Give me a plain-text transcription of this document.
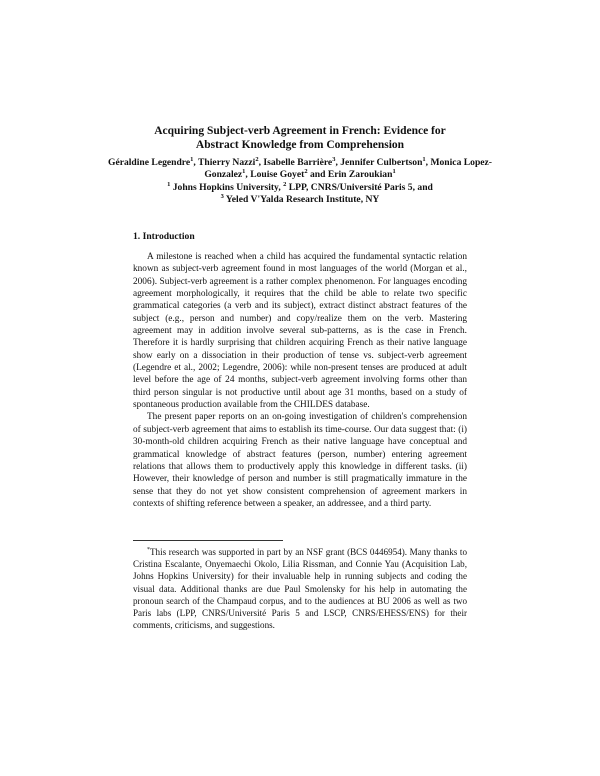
Acquiring Subject-verb Agreement in French: Evidence for
Abstract Knowledge from Comprehension
Géraldine Legendre$^1$, Thierry Nazzi$^2$, Isabelle Barrière$^3$, Jennifer Culbertson$^1$, Monica Lopez-Gonzalez$^1$, Louise Goyet$^2$ and Erin Zaroukian$^1$
$^1$ Johns Hopkins University, $^2$ LPP, CNRS/Université Paris 5, and
$^3$ Yeled V'Yalda Research Institute, NY
1. Introduction

A milestone is reached when a child has acquired the fundamental syntactic relation known as subject-verb agreement found in most languages of the world (Morgan et al., 2006). Subject-verb agreement is a rather complex phenomenon. For languages encoding agreement morphologically, it requires that the child be able to relate two specific grammatical categories (a verb and its subject), extract distinct abstract features of the subject (e.g., person and number) and copy/realize them on the verb. Mastering agreement may in addition involve several sub-patterns, as is the case in French. Therefore it is hardly surprising that children acquiring French as their native language show early on a dissociation in their production of tense vs. subject-verb agreement (Legendre et al., 2002; Legendre, 2006): while non-present tenses are produced at adult level before the age of 24 months, subject-verb agreement involving forms other than third person singular is not productive until about age 31 months, based on a study of spontaneous production available from the CHILDES database.

The present paper reports on an on-going investigation of children's comprehension of subject-verb agreement that aims to establish its time-course. Our data suggest that: (i) 30-month-old children acquiring French as their native language have conceptual and grammatical knowledge of abstract features (person, number) entering agreement relations that allows them to productively apply this knowledge in different tasks. (ii) However, their knowledge of person and number is still pragmatically immature in the sense that they do not yet show consistent comprehension of agreement markers in contexts of shifting reference between a speaker, an addressee, and a third party.

*This research was supported in part by an NSF grant (BCS 0446954). Many thanks to Cristina Escalante, Onyemaechi Okolo, Lilia Rissman, and Connie Yau (Acquisition Lab, Johns Hopkins University) for their invaluable help in running subjects and coding the visual data. Additional thanks are due Paul Smolensky for his help in automating the pronoun search of the Champaud corpus, and to the audiences at BU 2006 as well as two Paris labs (LPP, CNRS/Université Paris 5 and LSCP, CNRS/EHESS/ENS) for their comments, criticisms, and suggestions.
